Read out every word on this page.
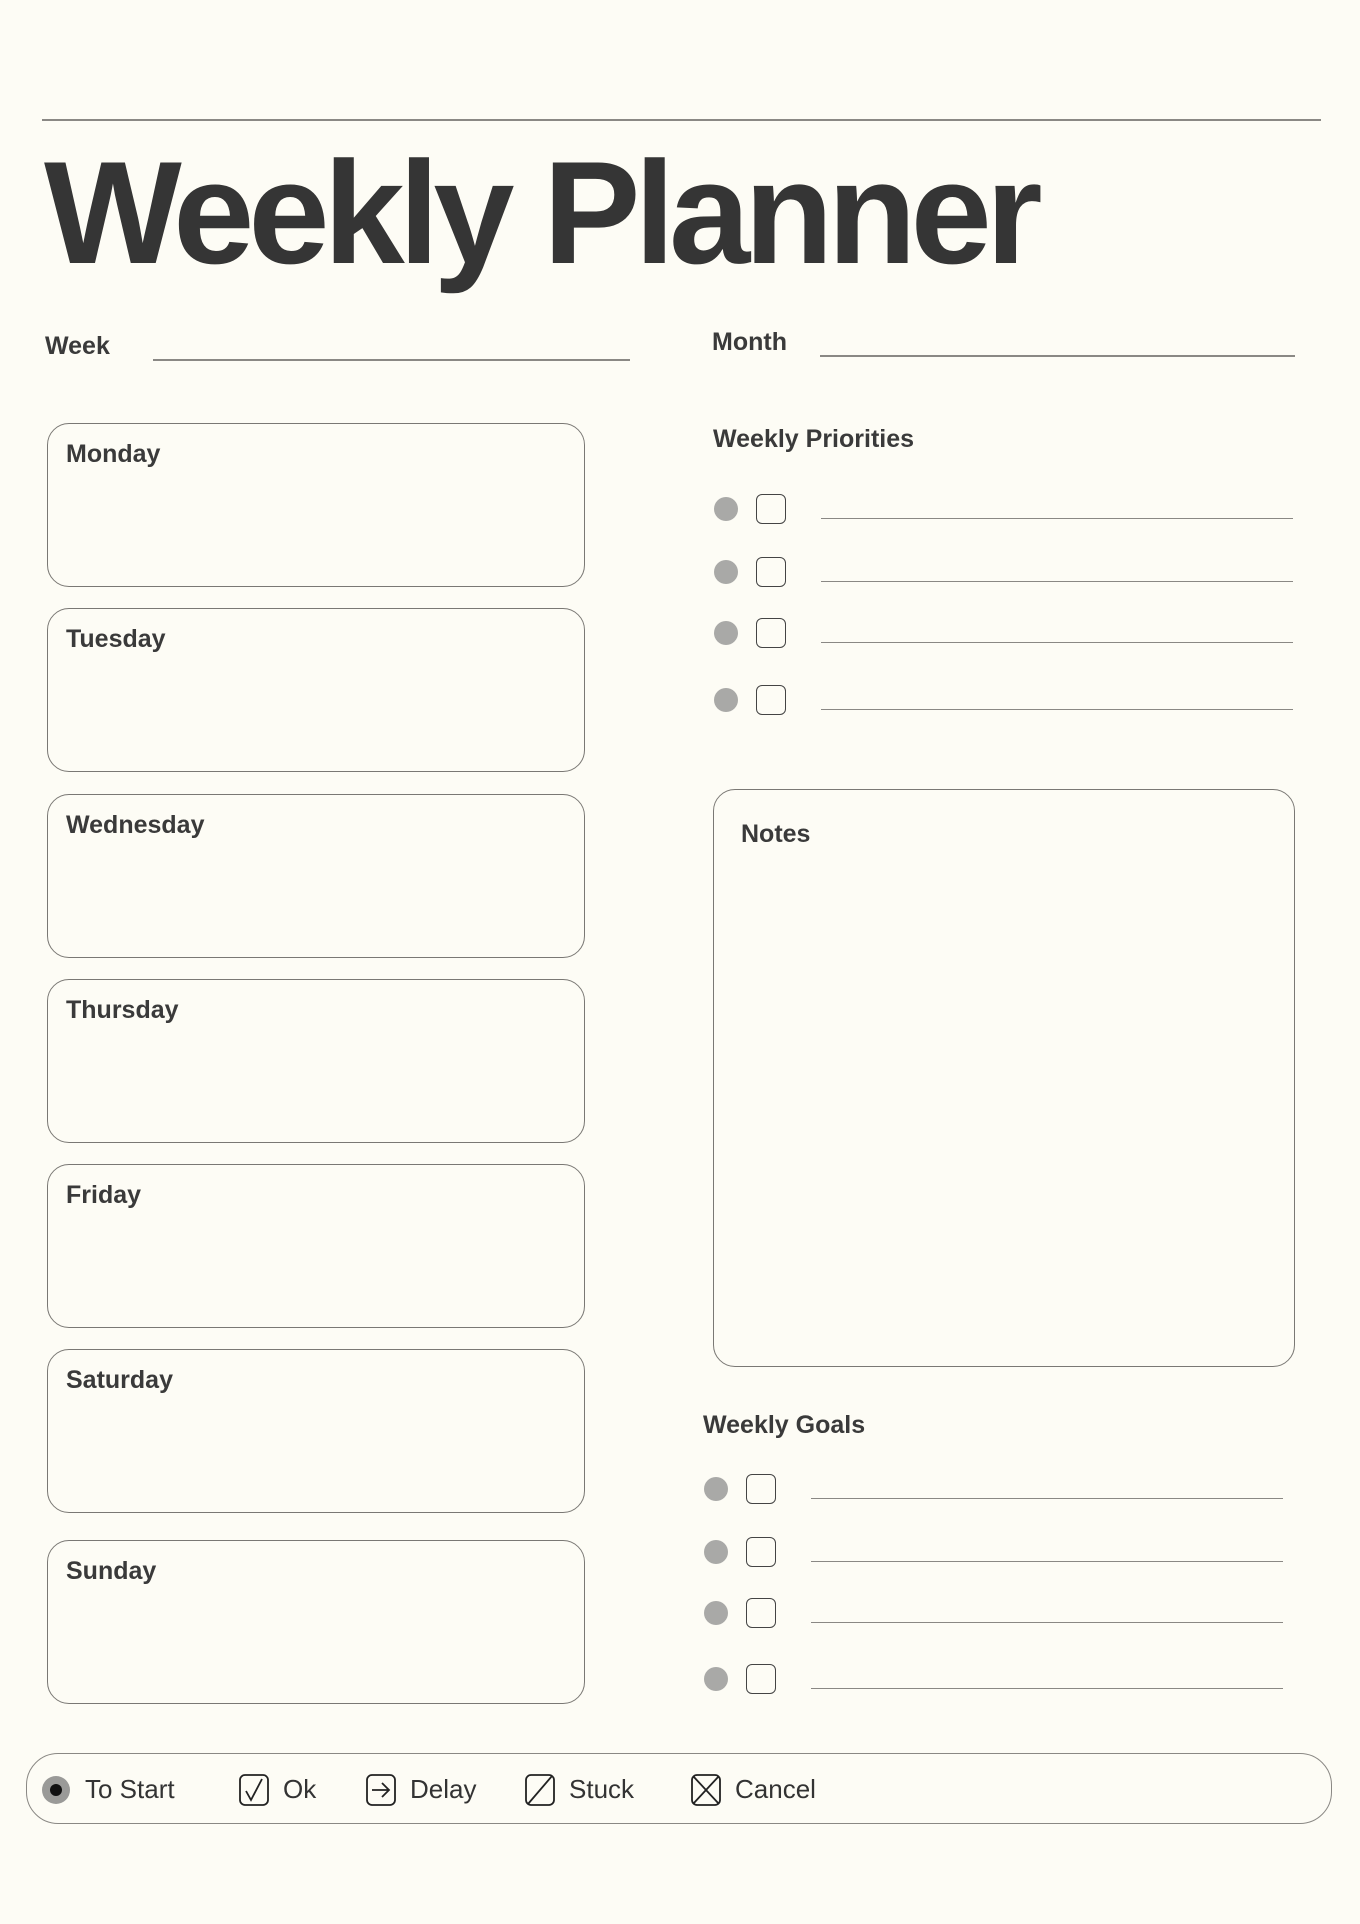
Weekly Planner
Week	Month
Monday
Tuesday
Wednesday
Thursday
Friday
Saturday
Sunday
Weekly Priorities
Notes
Weekly Goals
To Start	Ok	Delay	Stuck	Cancel
